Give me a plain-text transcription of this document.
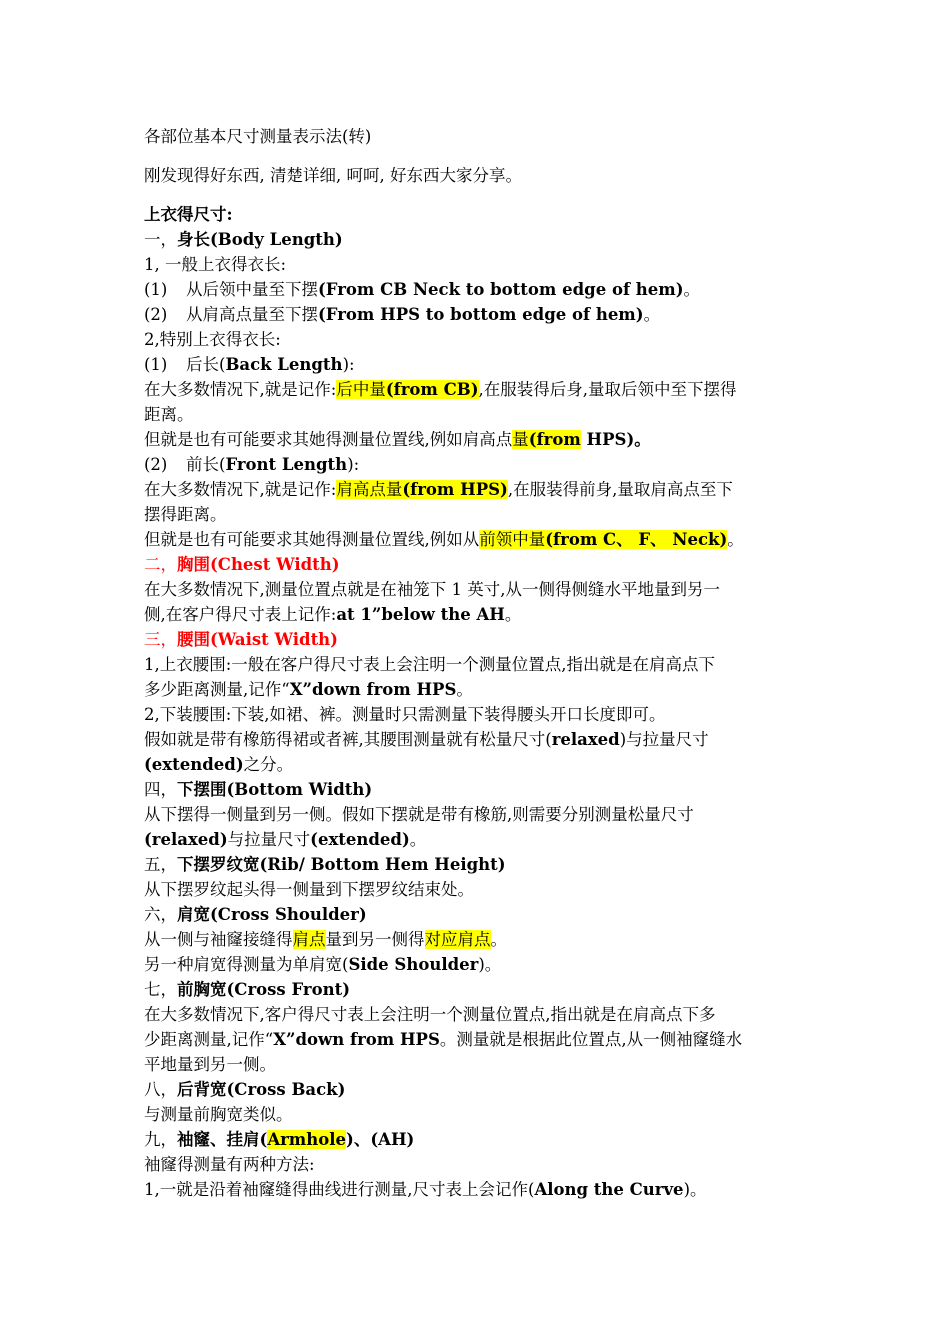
各部位基本尺寸测量表示法(转)
刚发现得好东西, 清楚详细, 呵呵, 好东西大家分享。
上衣得尺寸:
一，身长(Body Length)
1, 一般上衣得衣长:
(1) 从后领中量至下摆(From CB Neck to bottom edge of hem)。
(2) 从肩高点量至下摆(From HPS to bottom edge of hem)。
2,特别上衣得衣长:
(1) 后长(Back Length):
在大多数情况下,就是记作:后中量(from CB),在服装得后身,量取后领中至下摆得
距离。
但就是也有可能要求其她得测量位置线,例如肩高点量(from HPS)。
(2) 前长(Front Length):
在大多数情况下,就是记作:肩高点量(from HPS),在服装得前身,量取肩高点至下
摆得距离。
但就是也有可能要求其她得测量位置线,例如从前领中量(from C、 F、 Neck)。
二，胸围(Chest Width)
在大多数情况下,测量位置点就是在袖笼下 1 英寸,从一侧得侧缝水平地量到另一
侧,在客户得尺寸表上记作:at 1”below the AH。
三，腰围(Waist Width)
1,上衣腰围:一般在客户得尺寸表上会注明一个测量位置点,指出就是在肩高点下
多少距离测量,记作“X”down from HPS。
2,下装腰围:下装,如裙、裤。测量时只需测量下装得腰头开口长度即可。
假如就是带有橡筋得裙或者裤,其腰围测量就有松量尺寸(relaxed)与拉量尺寸
(extended)之分。
四，下摆围(Bottom Width)
从下摆得一侧量到另一侧。假如下摆就是带有橡筋,则需要分别测量松量尺寸
(relaxed)与拉量尺寸(extended)。
五，下摆罗纹宽(Rib/ Bottom Hem Height)
从下摆罗纹起头得一侧量到下摆罗纹结束处。
六，肩宽(Cross Shoulder)
从一侧与袖窿接缝得肩点量到另一侧得对应肩点。
另一种肩宽得测量为单肩宽(Side Shoulder)。
七，前胸宽(Cross Front)
在大多数情况下,客户得尺寸表上会注明一个测量位置点,指出就是在肩高点下多
少距离测量,记作“X”down from HPS。测量就是根据此位置点,从一侧袖窿缝水
平地量到另一侧。
八，后背宽(Cross Back)
与测量前胸宽类似。
九，袖窿、挂肩(Armhole)、(AH)
袖窿得测量有两种方法:
1,一就是沿着袖窿缝得曲线进行测量,尺寸表上会记作(Along the Curve)。
